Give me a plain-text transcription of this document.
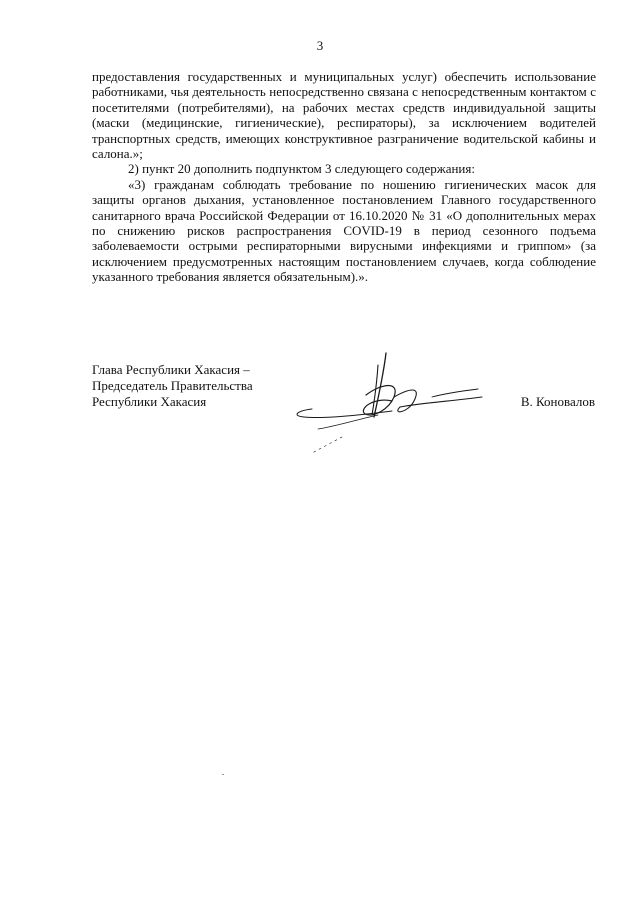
3

предоставления государственных и муниципальных услуг) обеспечить использование работниками, чья деятельность непосредственно связана с непосредственным контактом с посетителями (потребителями), на рабочих местах средств индивидуальной защиты (маски (медицинские, гигиенические), респираторы), за исключением водителей транспортных средств, имеющих конструктивное разграничение водительской кабины и салона.»;

2) пункт 20 дополнить подпунктом 3 следующего содержания:

«3) гражданам соблюдать требование по ношению гигиенических масок для защиты органов дыхания, установленное постановлением Главного государственного санитарного врача Российской Федерации от 16.10.2020 № 31 «О дополнительных мерах по снижению рисков распространения COVID-19 в период сезонного подъема заболеваемости острыми респираторными вирусными инфекциями и гриппом» (за исключением предусмотренных настоящим постановлением случаев, когда соблюдение указанного требования является обязательным).».

Глава Республики Хакасия –
Председатель Правительства
Республики Хакасия	В. Коновалов
